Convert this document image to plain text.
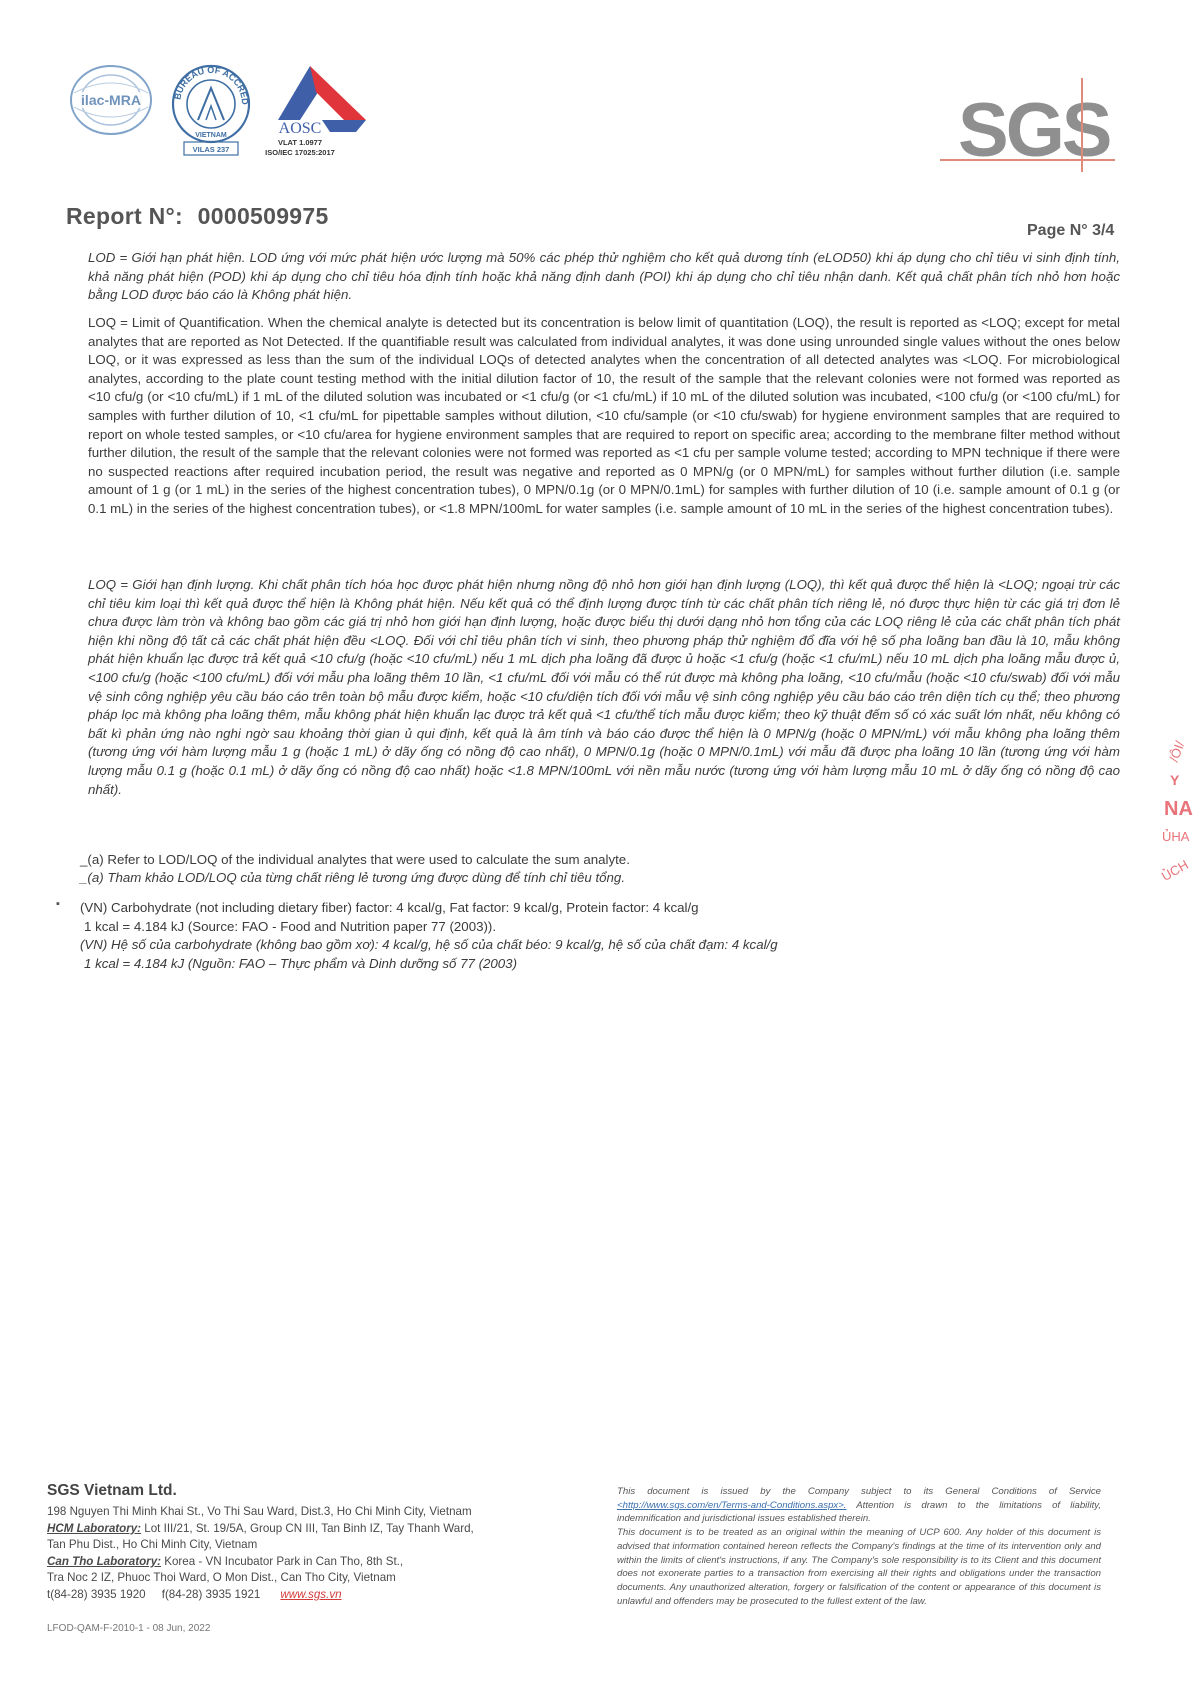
ilac-MRA	BUREAU OF ACCRED
VIETNAM
VILAS 237
AOSC
VLAT 1.0977
ISO/IEC 17025:2017	SGS
Report N°: 0000509975
Page N° 3/4
LOD = Giới hạn phát hiện. LOD ứng với mức phát hiện ước lượng mà 50% các phép thử nghiệm cho kết quả dương tính (eLOD50) khi áp dụng cho chỉ tiêu vi sinh định tính, khả năng phát hiện (POD) khi áp dụng cho chỉ tiêu hóa định tính hoặc khả năng định danh (POI) khi áp dụng cho chỉ tiêu nhận danh. Kết quả chất phân tích nhỏ hơn hoặc bằng LOD được báo cáo là Không phát hiện.
LOQ = Limit of Quantification. When the chemical analyte is detected but its concentration is below limit of quantitation (LOQ), the result is reported as <LOQ; except for metal analytes that are reported as Not Detected. If the quantifiable result was calculated from individual analytes, it was done using unrounded single values without the ones below LOQ, or it was expressed as less than the sum of the individual LOQs of detected analytes when the concentration of all detected analytes was <LOQ. For microbiological analytes, according to the plate count testing method with the initial dilution factor of 10, the result of the sample that the relevant colonies were not formed was reported as <10 cfu/g (or <10 cfu/mL) if 1 mL of the diluted solution was incubated or <1 cfu/g (or <1 cfu/mL) if 10 mL of the diluted solution was incubated, <100 cfu/g (or <100 cfu/mL) for samples with further dilution of 10, <1 cfu/mL for pipettable samples without dilution, <10 cfu/sample (or <10 cfu/swab) for hygiene environment samples that are required to report on whole tested samples, or <10 cfu/area for hygiene environment samples that are required to report on specific area; according to the membrane filter method without further dilution, the result of the sample that the relevant colonies were not formed was reported as <1 cfu per sample volume tested; according to MPN technique if there were no suspected reactions after required incubation period, the result was negative and reported as 0 MPN/g (or 0 MPN/mL) for samples without further dilution (i.e. sample amount of 1 g (or 1 mL) in the series of the highest concentration tubes), 0 MPN/0.1g (or 0 MPN/0.1mL) for samples with further dilution of 10 (i.e. sample amount of 0.1 g (or 0.1 mL) in the series of the highest concentration tubes), or <1.8 MPN/100mL for water samples (i.e. sample amount of 10 mL in the series of the highest concentration tubes).
LOQ = Giới hạn định lượng. Khi chất phân tích hóa học được phát hiện nhưng nồng độ nhỏ hơn giới hạn định lượng (LOQ), thì kết quả được thể hiện là <LOQ; ngoại trừ các chỉ tiêu kim loại thì kết quả được thể hiện là Không phát hiện. Nếu kết quả có thể định lượng được tính từ các chất phân tích riêng lẻ, nó được thực hiện từ các giá trị đơn lẻ chưa được làm tròn và không bao gồm các giá trị nhỏ hơn giới hạn định lượng, hoặc được biểu thị dưới dạng nhỏ hơn tổng của các LOQ riêng lẻ của các chất phân tích phát hiện khi nồng độ tất cả các chất phát hiện đều <LOQ. Đối với chỉ tiêu phân tích vi sinh, theo phương pháp thử nghiệm đổ đĩa với hệ số pha loãng ban đầu là 10, mẫu không phát hiện khuẩn lạc được trả kết quả <10 cfu/g (hoặc <10 cfu/mL) nếu 1 mL dịch pha loãng đã được ủ hoặc <1 cfu/g (hoặc <1 cfu/mL) nếu 10 mL dịch pha loãng mẫu được ủ, <100 cfu/g (hoặc <100 cfu/mL) đối với mẫu pha loãng thêm 10 lần, <1 cfu/mL đối với mẫu có thể rút được mà không pha loãng, <10 cfu/mẫu (hoặc <10 cfu/swab) đối với mẫu vệ sinh công nghiệp yêu cầu báo cáo trên toàn bộ mẫu được kiểm, hoặc <10 cfu/diện tích đối với mẫu vệ sinh công nghiệp yêu cầu báo cáo trên diện tích cụ thể; theo phương pháp lọc mà không pha loãng thêm, mẫu không phát hiện khuẩn lạc được trả kết quả <1 cfu/thể tích mẫu được kiểm; theo kỹ thuật đếm số có xác suất lớn nhất, nếu không có bất kì phản ứng nào nghi ngờ sau khoảng thời gian ủ qui định, kết quả là âm tính và báo cáo được thể hiện là 0 MPN/g (hoặc 0 MPN/mL) với mẫu không pha loãng thêm (tương ứng với hàm lượng mẫu 1 g (hoặc 1 mL) ở dãy ống có nồng độ cao nhất), 0 MPN/0.1g (hoặc 0 MPN/0.1mL) với mẫu đã được pha loãng 10 lần (tương ứng với hàm lượng mẫu 0.1 g (hoặc 0.1 mL) ở dãy ống có nồng độ cao nhất) hoặc <1.8 MPN/100mL với nền mẫu nước (tương ứng với hàm lượng mẫu 10 mL ở dãy ống có nồng độ cao nhất).
_(a) Refer to LOD/LOQ of the individual analytes that were used to calculate the sum analyte.
_(a) Tham khảo LOD/LOQ của từng chất riêng lẻ tương ứng được dùng để tính chỉ tiêu tổng.
▪ (VN) Carbohydrate (not including dietary fiber) factor: 4 kcal/g, Fat factor: 9 kcal/g, Protein factor: 4 kcal/g
1 kcal = 4.184 kJ (Source: FAO - Food and Nutrition paper 77 (2003)).
(VN) Hệ số của carbohydrate (không bao gồm xơ): 4 kcal/g, hệ số của chất béo: 9 kcal/g, hệ số của chất đạm: 4 kcal/g
1 kcal = 4.184 kJ (Nguồn: FAO – Thực phẩm và Dinh dưỡng số 77 (2003)
/ÔI/
Y
NA
ỦHA
ỦCH
SGS Vietnam Ltd.
198 Nguyen Thi Minh Khai St., Vo Thi Sau Ward, Dist.3, Ho Chi Minh City, Vietnam
HCM Laboratory: Lot III/21, St. 19/5A, Group CN III, Tan Binh IZ, Tay Thanh Ward,
Tan Phu Dist., Ho Chi Minh City, Vietnam
Can Tho Laboratory: Korea - VN Incubator Park in Can Tho, 8th St.,
Tra Noc 2 IZ, Phuoc Thoi Ward, O Mon Dist., Can Tho City, Vietnam
t(84-28) 3935 1920     f(84-28) 3935 1921 www.sgs.vn
LFOD-QAM-F-2010-1 - 08 Jun, 2022
This document is issued by the Company subject to its General Conditions of Service <http://www.sgs.com/en/Terms-and-Conditions.aspx>. Attention is drawn to the limitations of liability, indemnification and jurisdictional issues established therein.
This document is to be treated as an original within the meaning of UCP 600. Any holder of this document is advised that information contained hereon reflects the Company's findings at the time of its intervention only and within the limits of client's instructions, if any. The Company's sole responsibility is to its Client and this document does not exonerate parties to a transaction from exercising all their rights and obligations under the transaction documents. Any unauthorized alteration, forgery or falsification of the content or appearance of this document is unlawful and offenders may be prosecuted to the fullest extent of the law.
